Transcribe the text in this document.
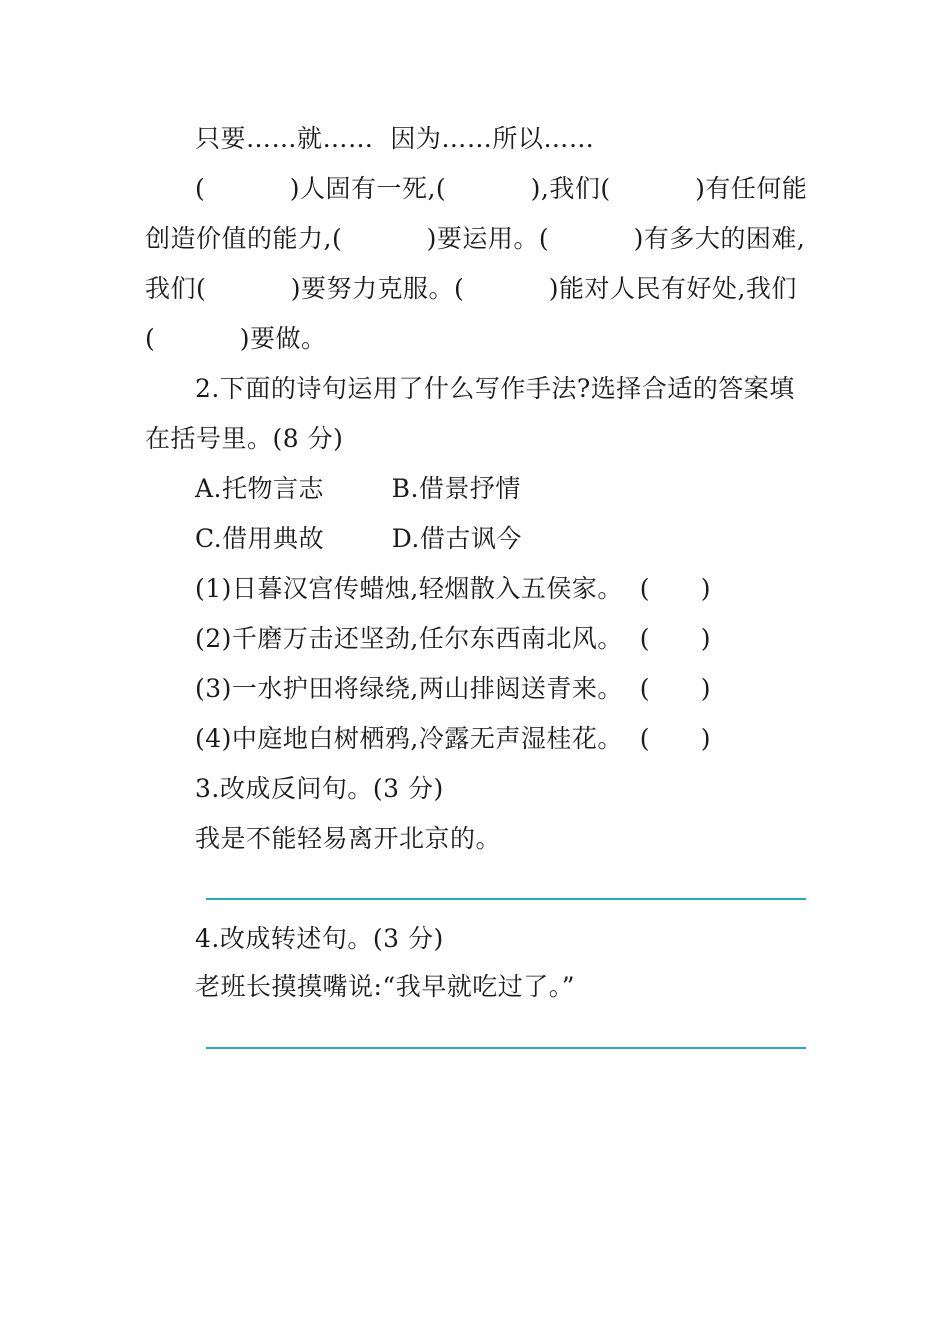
只要……就……  因为……所以……
(          )人固有一死,(          ),我们(          )有任何能
创造价值的能力,(          )要运用。(          )有多大的困难,
我们(          )要努力克服。(          )能对人民有好处,我们
(          )要做。
2.下面的诗句运用了什么写作手法?选择合适的答案填
在括号里。(8 分)
A.托物言志        B.借景抒情
C.借用典故        D.借古讽今
(1)日暮汉宫传蜡烛,轻烟散入五侯家。  (      )
(2)千磨万击还坚劲,任尔东西南北风。  (      )
(3)一水护田将绿绕,两山排闼送青来。  (      )
(4)中庭地白树栖鸦,冷露无声湿桂花。  (      )
3.改成反问句。(3 分)
我是不能轻易离开北京的。
4.改成转述句。(3 分)
老班长摸摸嘴说:“我早就吃过了。”
